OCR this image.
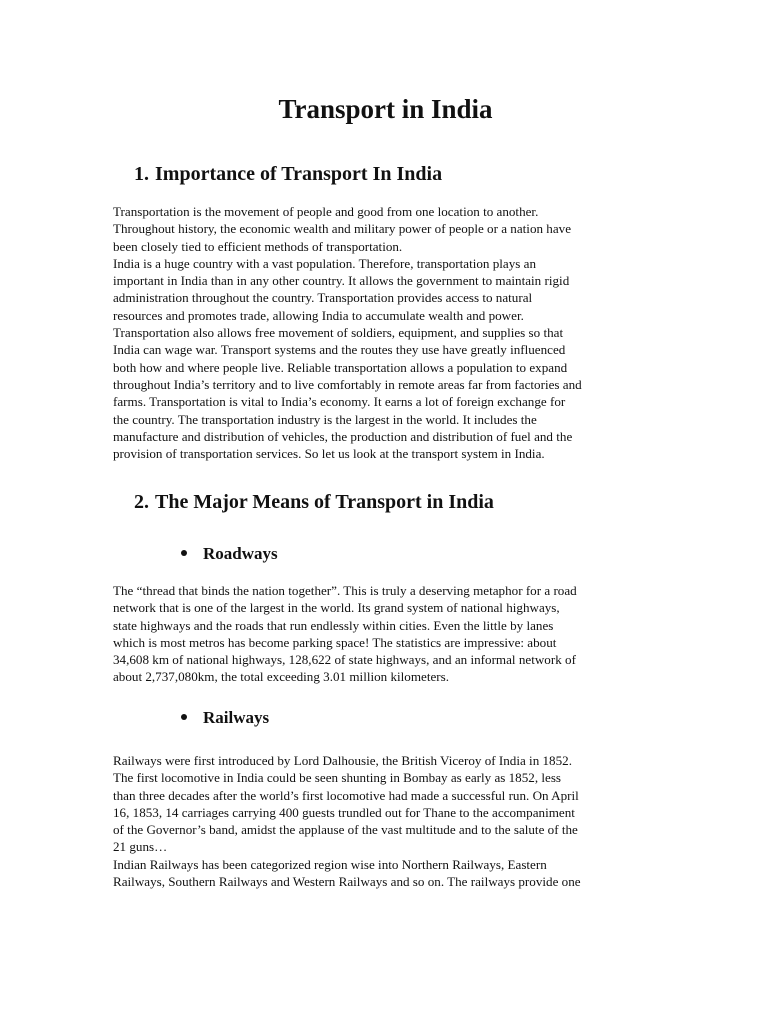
Transport in India
1. Importance of Transport In India
Transportation is the movement of people and good from one location to another.
Throughout history, the economic wealth and military power of people or a nation have
been closely tied to efficient methods of transportation.
India is a huge country with a vast population. Therefore, transportation plays an
important in India than in any other country. It allows the government to maintain rigid
administration throughout the country. Transportation provides access to natural
resources and promotes trade, allowing India to accumulate wealth and power.
Transportation also allows free movement of soldiers, equipment, and supplies so that
India can wage war. Transport systems and the routes they use have greatly influenced
both how and where people live. Reliable transportation allows a population to expand
throughout India’s territory and to live comfortably in remote areas far from factories and
farms. Transportation is vital to India’s economy. It earns a lot of foreign exchange for
the country. The transportation industry is the largest in the world. It includes the
manufacture and distribution of vehicles, the production and distribution of fuel and the
provision of transportation services. So let us look at the transport system in India.
2. The Major Means of Transport in India
Roadways
The “thread that binds the nation together”. This is truly a deserving metaphor for a road
network that is one of the largest in the world. Its grand system of national highways,
state highways and the roads that run endlessly within cities. Even the little by lanes
which is most metros has become parking space! The statistics are impressive: about
34,608 km of national highways, 128,622 of state highways, and an informal network of
about 2,737,080km, the total exceeding 3.01 million kilometers.
Railways
Railways were first introduced by Lord Dalhousie, the British Viceroy of India in 1852.
The first locomotive in India could be seen shunting in Bombay as early as 1852, less
than three decades after the world’s first locomotive had made a successful run. On April
16, 1853, 14 carriages carrying 400 guests trundled out for Thane to the accompaniment
of the Governor’s band, amidst the applause of the vast multitude and to the salute of the
21 guns…
Indian Railways has been categorized region wise into Northern Railways, Eastern
Railways, Southern Railways and Western Railways and so on. The railways provide one
